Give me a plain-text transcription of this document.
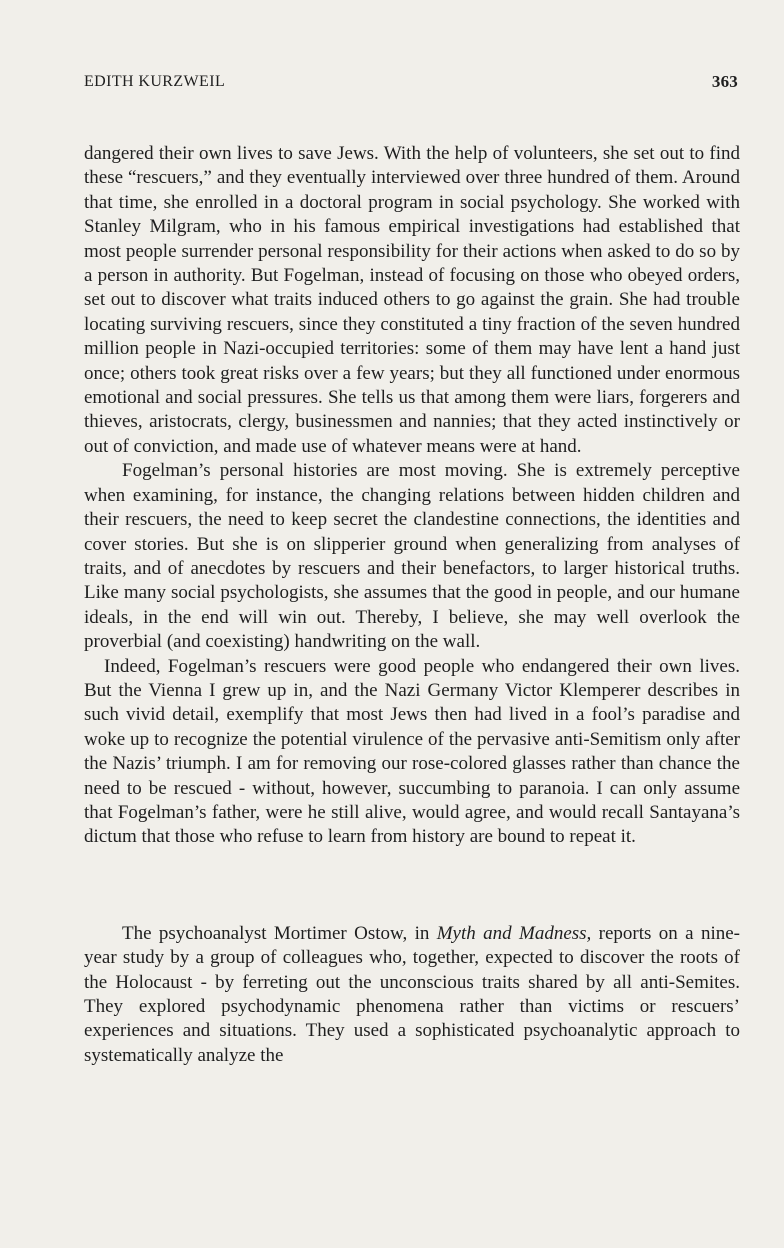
EDITH KURZWEIL	363

dangered their own lives to save Jews. With the help of volunteers, she set out to find these “rescuers,” and they eventually interviewed over three hundred of them. Around that time, she enrolled in a doctoral program in social psychology. She worked with Stanley Milgram, who in his famous empirical investigations had established that most people surrender personal responsibility for their actions when asked to do so by a person in authority. But Fogelman, instead of focusing on those who obeyed orders, set out to discover what traits induced others to go against the grain. She had trouble locating surviving rescuers, since they constituted a tiny fraction of the seven hundred million people in Nazi-occupied territories: some of them may have lent a hand just once; others took great risks over a few years; but they all functioned under enormous emotional and social pressures. She tells us that among them were liars, forgerers and thieves, aristocrats, clergy, businessmen and nannies; that they acted instinctively or out of conviction, and made use of whatever means were at hand.

Fogelman’s personal histories are most moving. She is extremely perceptive when examining, for instance, the changing relations between hidden children and their rescuers, the need to keep secret the clandestine connections, the identities and cover stories. But she is on slipperier ground when generalizing from analyses of traits, and of anecdotes by rescuers and their benefactors, to larger historical truths. Like many social psychologists, she assumes that the good in people, and our humane ideals, in the end will win out. Thereby, I believe, she may well overlook the proverbial (and coexisting) handwriting on the wall.

Indeed, Fogelman’s rescuers were good people who endangered their own lives. But the Vienna I grew up in, and the Nazi Germany Victor Klemperer describes in such vivid detail, exemplify that most Jews then had lived in a fool’s paradise and woke up to recognize the potential virulence of the pervasive anti-Semitism only after the Nazis’ triumph. I am for removing our rose-colored glasses rather than chance the need to be rescued - without, however, succumbing to paranoia. I can only assume that Fogelman’s father, were he still alive, would agree, and would recall Santayana’s dictum that those who refuse to learn from history are bound to repeat it.

The psychoanalyst Mortimer Ostow, in Myth and Madness, reports on a nine-year study by a group of colleagues who, together, expected to discover the roots of the Holocaust - by ferreting out the unconscious traits shared by all anti-Semites. They explored psychodynamic phenomena rather than victims or rescuers’ experiences and situations. They used a sophisticated psychoanalytic approach to systematically analyze the
